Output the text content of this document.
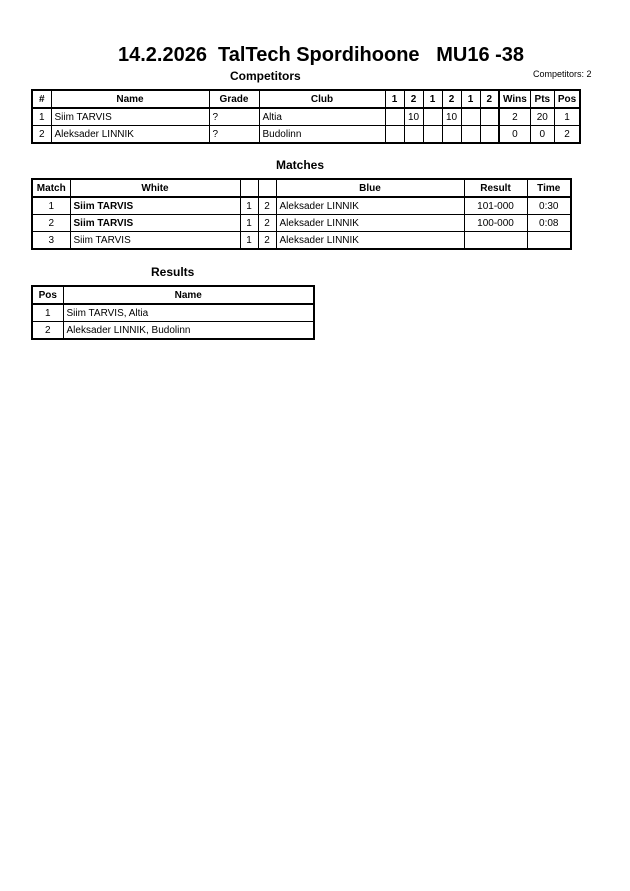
14.2.2026  TalTech Spordihoone   MU16 -38
Competitors	Competitors: 2
#	Name	Grade	Club	1	2	1	2	1	2	Wins	Pts	Pos
1	Siim TARVIS	?	Altia		10		10			2	20	1
2	Aleksader LINNIK	?	Budolinn							0	0	2
Matches
Match	White			Blue	Result	Time
1	Siim TARVIS	1	2	Aleksader LINNIK	101-000	0:30
2	Siim TARVIS	1	2	Aleksader LINNIK	100-000	0:08
3	Siim TARVIS	1	2	Aleksader LINNIK		
Results
Pos	Name
1	Siim TARVIS, Altia
2	Aleksader LINNIK, Budolinn
